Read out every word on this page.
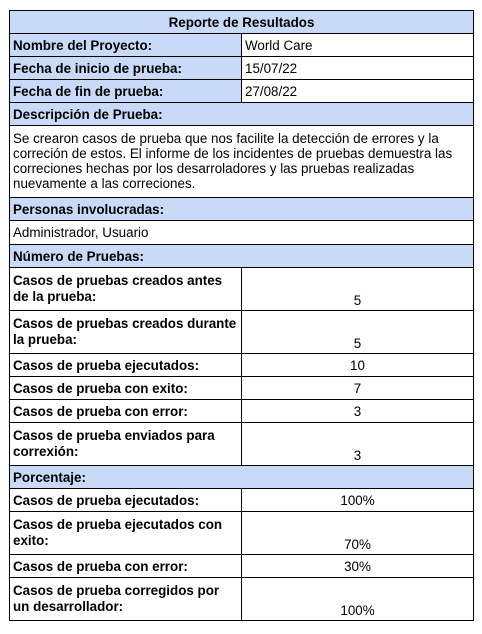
Reporte de Resultados	
Nombre del Proyecto:	World Care
Fecha de inicio de prueba:	15/07/22
Fecha de fin de prueba:	27/08/22
Descripción de Prueba:	
Se crearon casos de prueba que nos facilite la detección de errores y la correción de estos. El informe de los incidentes de pruebas demuestra las correciones hechas por los desarroladores y las pruebas realizadas nuevamente a las correciones.	
Personas involucradas:	
Administrador, Usuario	
Número de Pruebas:	
Casos de pruebas creados antes de la prueba:	5
Casos de pruebas creados durante la prueba:	5
Casos de prueba ejecutados:	10
Casos de prueba con exito:	7
Casos de prueba con error:	3
Casos de prueba enviados para correxión:	3
Porcentaje:	
Casos de prueba ejecutados:	100%
Casos de prueba ejecutados con exito:	70%
Casos de prueba con error:	30%
Casos de prueba corregidos por un desarrollador:	100%
